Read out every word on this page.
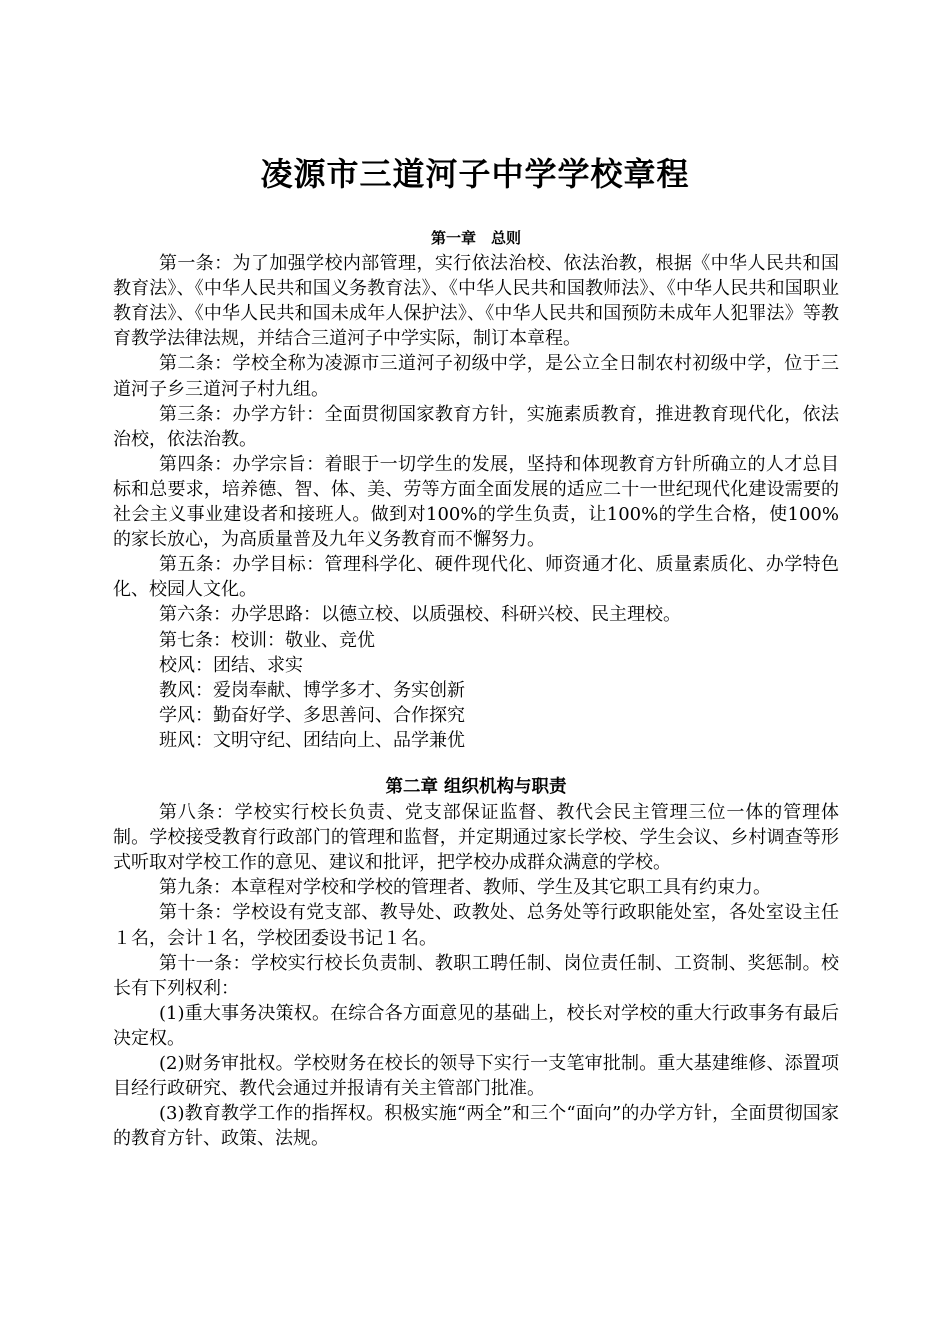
凌源市三道河子中学学校章程
第一章　总则

第一条：为了加强学校内部管理，实行依法治校、依法治教，根据《中华人民共和国教育法》、《中华人民共和国义务教育法》、《中华人民共和国教师法》、《中华人民共和国职业教育法》、《中华人民共和国未成年人保护法》、《中华人民共和国预防未成年人犯罪法》等教育教学法律法规，并结合三道河子中学实际，制订本章程。

第二条：学校全称为凌源市三道河子初级中学，是公立全日制农村初级中学，位于三道河子乡三道河子村九组。

第三条：办学方针：全面贯彻国家教育方针，实施素质教育，推进教育现代化，依法治校，依法治教。

第四条：办学宗旨：着眼于一切学生的发展，坚持和体现教育方针所确立的人才总目标和总要求，培养德、智、体、美、劳等方面全面发展的适应二十一世纪现代化建设需要的社会主义事业建设者和接班人。做到对100%的学生负责，让100%的学生合格，使100%的家长放心，为高质量普及九年义务教育而不懈努力。

第五条：办学目标：管理科学化、硬件现代化、师资通才化、质量素质化、办学特色化、校园人文化。

第六条：办学思路：以德立校、以质强校、科研兴校、民主理校。

第七条：校训：敬业、竞优

校风：团结、求实

教风：爱岗奉献、博学多才、务实创新

学风：勤奋好学、多思善问、合作探究

班风：文明守纪、团结向上、品学兼优

第二章 组织机构与职责

第八条：学校实行校长负责、党支部保证监督、教代会民主管理三位一体的管理体制。学校接受教育行政部门的管理和监督，并定期通过家长学校、学生会议、乡村调查等形式听取对学校工作的意见、建议和批评，把学校办成群众满意的学校。

第九条：本章程对学校和学校的管理者、教师、学生及其它职工具有约束力。

第十条：学校设有党支部、教导处、政教处、总务处等行政职能处室，各处室设主任１名，会计１名，学校团委设书记１名。

第十一条：学校实行校长负责制、教职工聘任制、岗位责任制、工资制、奖惩制。校长有下列权利：

(1)重大事务决策权。在综合各方面意见的基础上，校长对学校的重大行政事务有最后决定权。

(2)财务审批权。学校财务在校长的领导下实行一支笔审批制。重大基建维修、添置项目经行政研究、教代会通过并报请有关主管部门批准。

(3)教育教学工作的指挥权。积极实施“两全”和三个“面向”的办学方针，全面贯彻国家的教育方针、政策、法规。
